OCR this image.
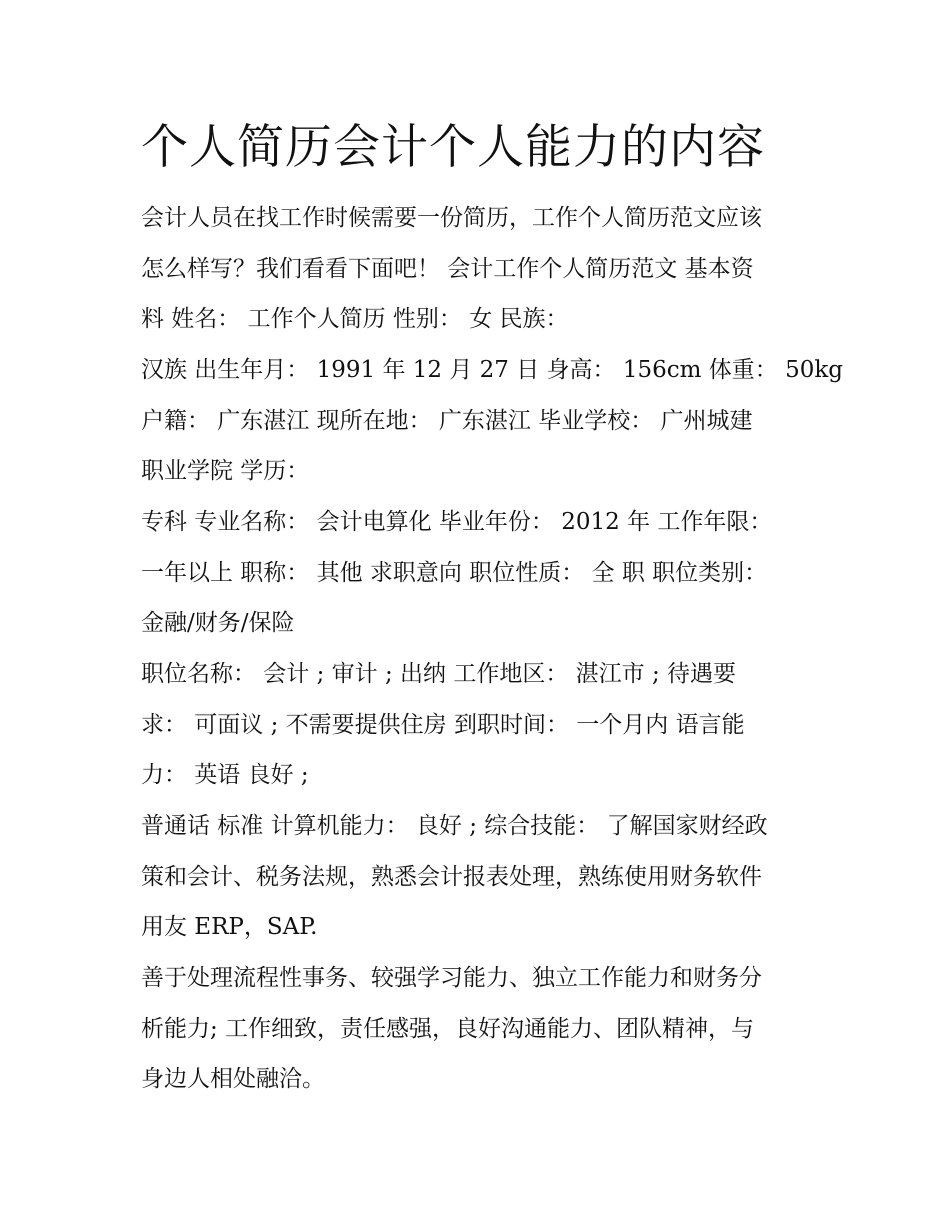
个人简历会计个人能力的内容

会计人员在找工作时候需要一份简历，工作个人简历范文应该

怎么样写？我们看看下面吧！ 会计工作个人简历范文 基本资

料 姓名： 工作个人简历 性别： 女 民族：

汉族 出生年月： 1991 年 12 月 27 日 身高： 156cm 体重： 50kg

户籍： 广东湛江 现所在地： 广东湛江 毕业学校： 广州城建

职业学院 学历：

专科 专业名称： 会计电算化 毕业年份： 2012 年 工作年限：

一年以上 职称： 其他 求职意向 职位性质： 全 职 职位类别：

金融/财务/保险

职位名称： 会计 ; 审计 ; 出纳 工作地区： 湛江市 ; 待遇要

求： 可面议 ; 不需要提供住房 到职时间： 一个月内 语言能

力： 英语 良好 ;

普通话 标准 计算机能力： 良好 ; 综合技能： 了解国家财经政

策和会计、税务法规，熟悉会计报表处理，熟练使用财务软件

用友 ERP，SAP.

善于处理流程性事务、较强学习能力、独立工作能力和财务分

析能力; 工作细致，责任感强，良好沟通能力、团队精神，与

身边人相处融洽。
